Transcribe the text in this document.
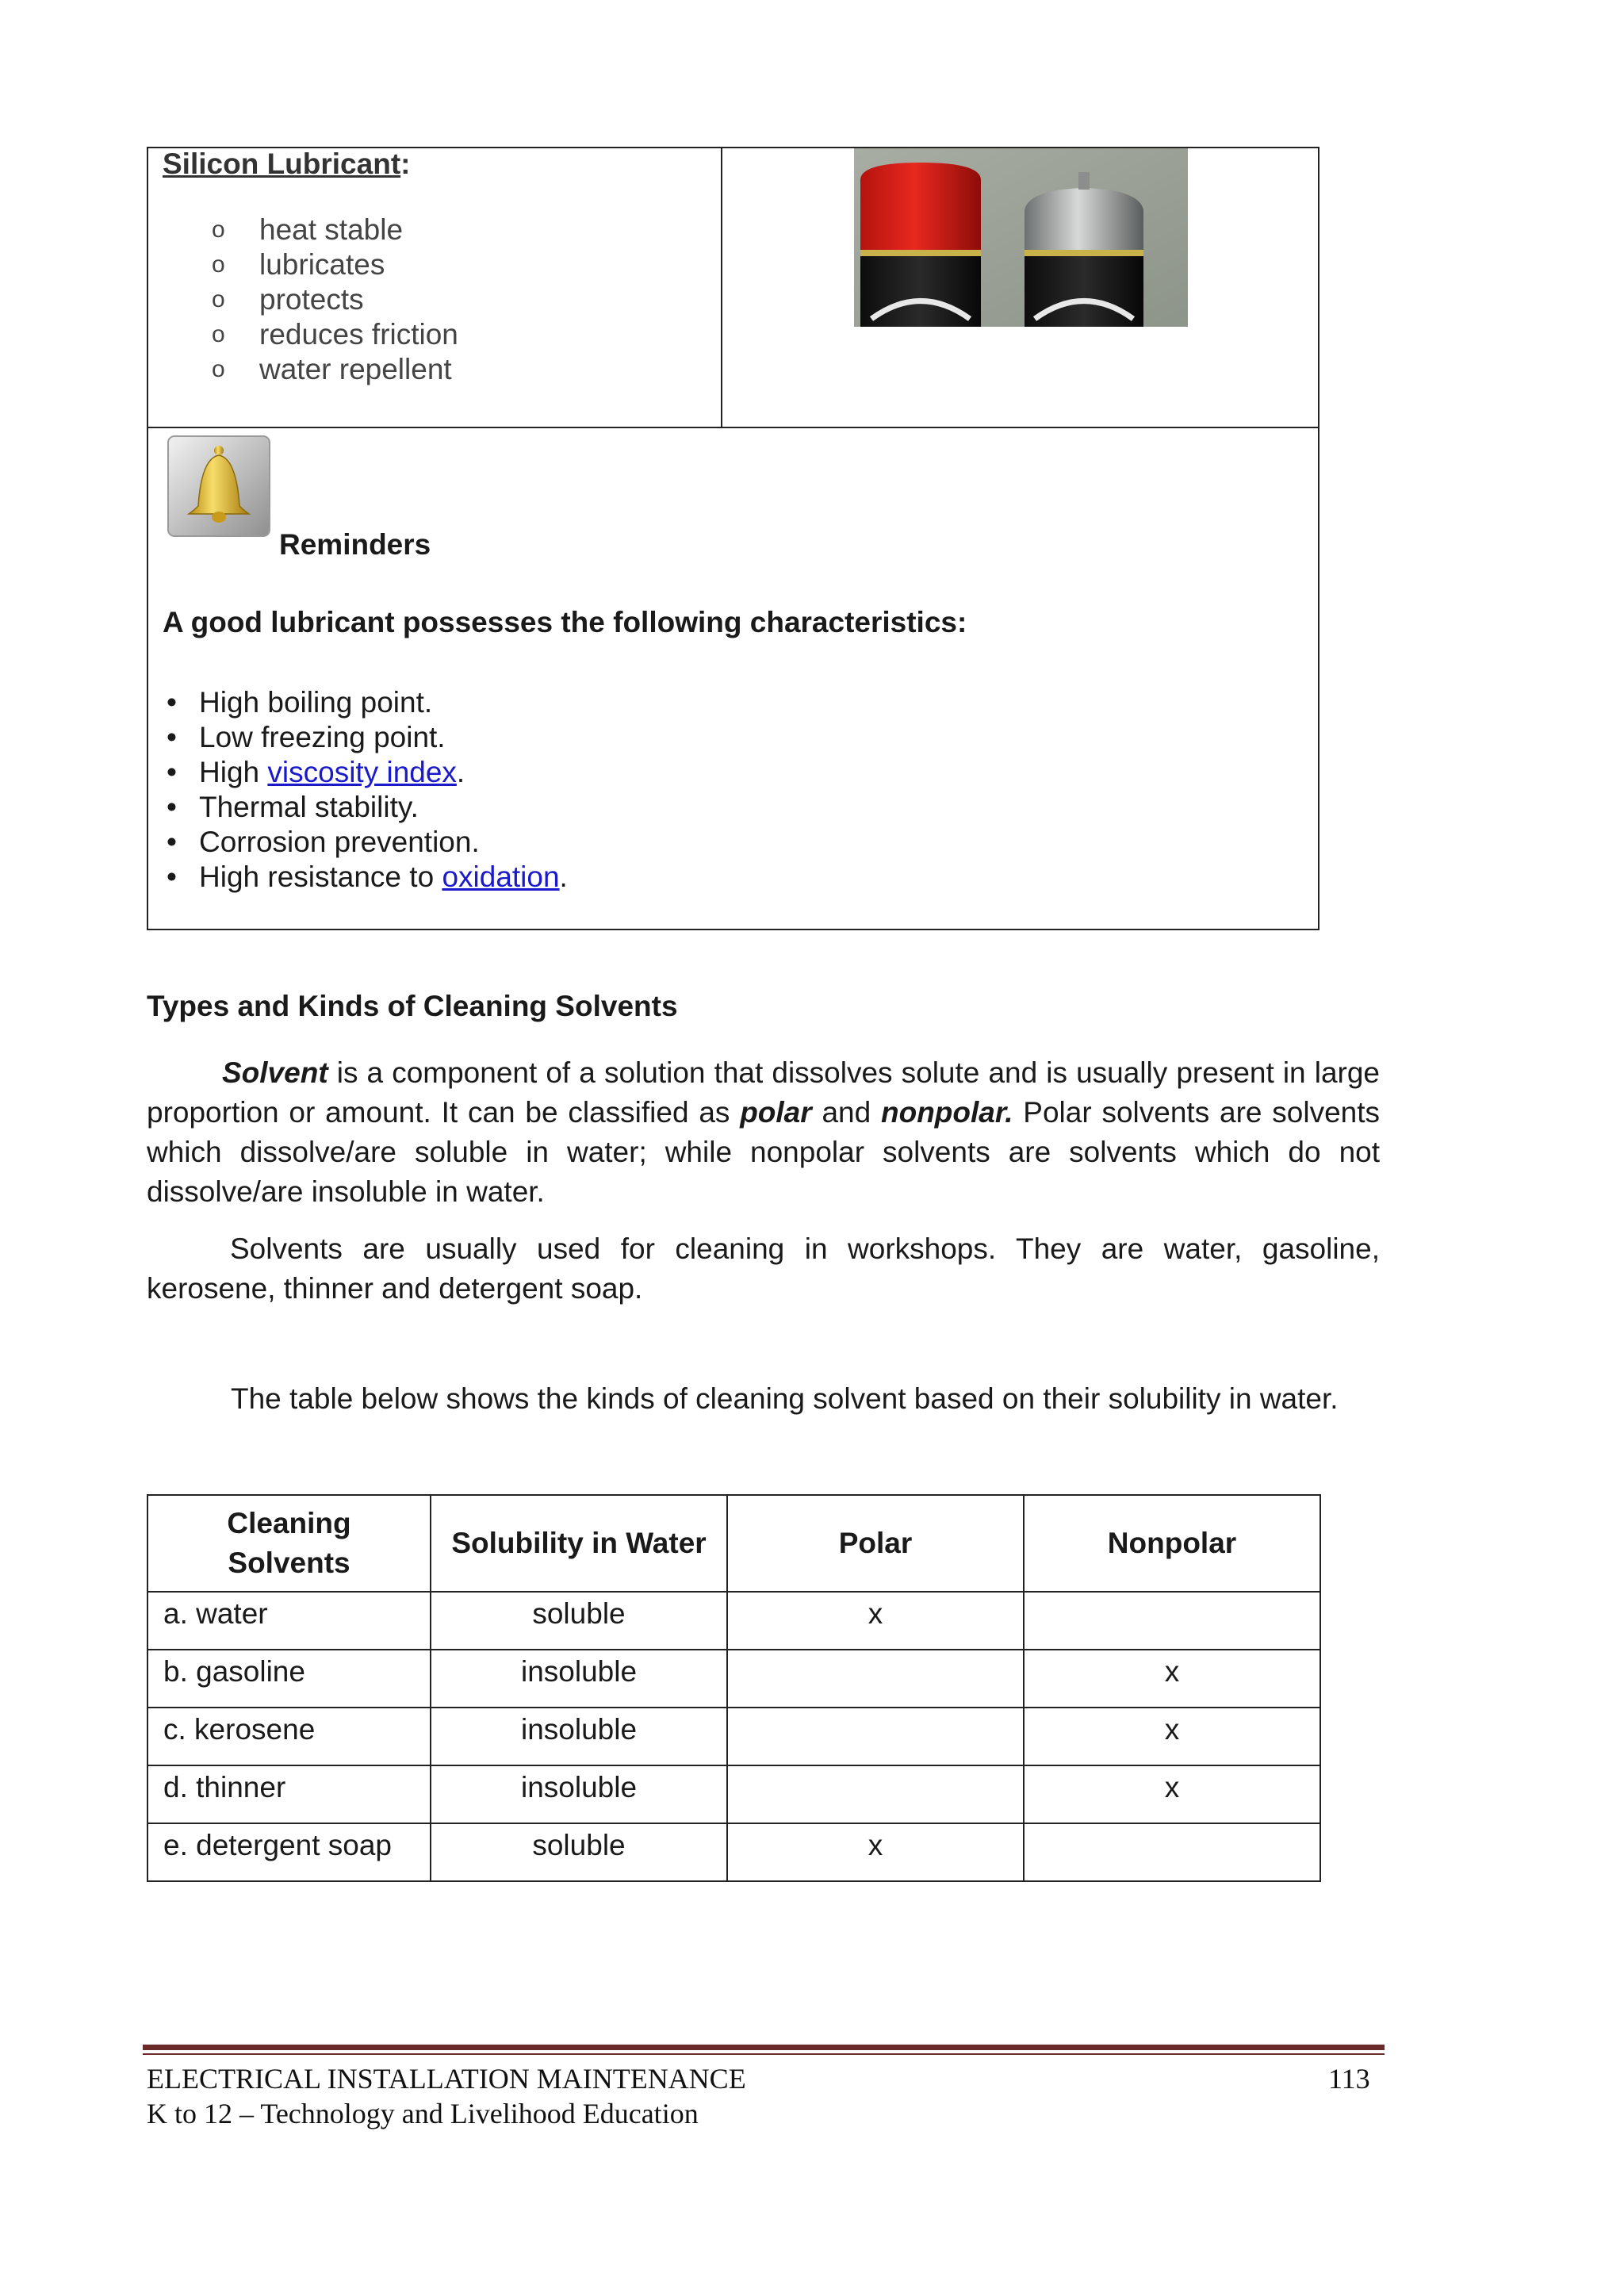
Silicon Lubricant:
o heat stable
o lubricates
o protects
o reduces friction
o water repellent
Reminders
A good lubricant possesses the following characteristics:
• High boiling point.
• Low freezing point.
• High viscosity index.
• Thermal stability.
• Corrosion prevention.
• High resistance to oxidation.
Types and Kinds of Cleaning Solvents
Solvent is a component of a solution that dissolves solute and is usually present in large proportion or amount. It can be classified as polar and nonpolar. Polar solvents are solvents which dissolve/are soluble in water; while nonpolar solvents are solvents which do not dissolve/are insoluble in water.
Solvents are usually used for cleaning in workshops. They are water, gasoline, kerosene, thinner and detergent soap.
The table below shows the kinds of cleaning solvent based on their solubility in water.
Cleaning Solvents	Solubility in Water	Polar	Nonpolar
a. water	soluble	x	
b. gasoline	insoluble		x
c. kerosene	insoluble		x
d. thinner	insoluble		x
e. detergent soap	soluble	x	
ELECTRICAL INSTALLATION MAINTENANCE
K to 12 – Technology and Livelihood Education
113
